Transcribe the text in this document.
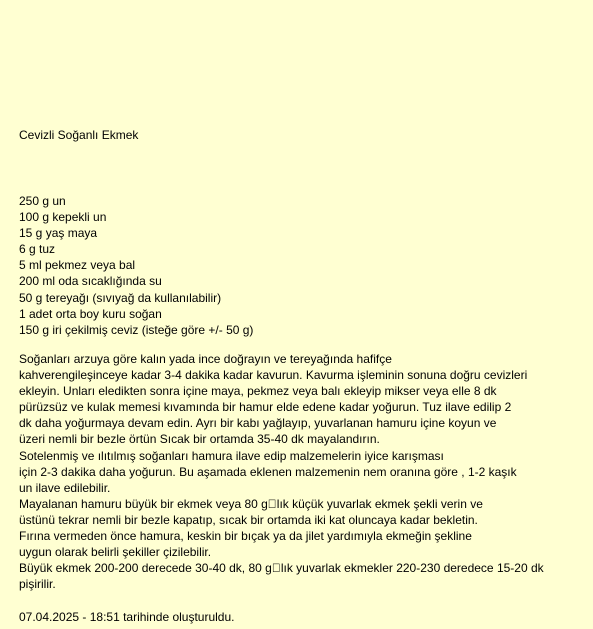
Cevizli Soğanlı Ekmek
250 g un
100 g kepekli un
15 g yaş maya
6 g tuz
5 ml pekmez veya bal
200 ml oda sıcaklığında su
50 g tereyağı (sıvıyağ da kullanılabilir)
1 adet orta boy kuru soğan
150 g iri çekilmiş ceviz (isteğe göre +/- 50 g)
Soğanları arzuya göre kalın yada ince doğrayın ve tereyağında hafifçe
kahverengileşinceye kadar 3-4 dakika kadar kavurun. Kavurma işleminin sonuna doğru cevizleri
ekleyin. Unları eledikten sonra içine maya, pekmez veya balı ekleyip mikser veya elle 8 dk
pürüzsüz ve kulak memesi kıvamında bir hamur elde edene kadar yoğurun. Tuz ilave edilip 2
dk daha yoğurmaya devam edin. Ayrı bir kabı yağlayıp, yuvarlanan hamuru içine koyun ve
üzeri nemli bir bezle örtün Sıcak bir ortamda 35-40 dk mayalandırın.
Sotelenmiş ve ılıtılmış soğanları hamura ilave edip malzemelerin iyice karışması
için 2-3 dakika daha yoğurun. Bu aşamada eklenen malzemenin nem oranına göre , 1-2 kaşık
un ilave edilebilir.
Mayalanan hamuru büyük bir ekmek veya 80 g lık küçük yuvarlak ekmek şekli verin ve
üstünü tekrar nemli bir bezle kapatıp, sıcak bir ortamda iki kat oluncaya kadar bekletin.
Fırına vermeden önce hamura, keskin bir bıçak ya da jilet yardımıyla ekmeğin şekline
uygun olarak belirli şekiller çizilebilir.
Büyük ekmek 200-200 derecede 30-40 dk, 80 g lık yuvarlak ekmekler 220-230 deredece 15-20 dk
pişirilir.
07.04.2025 - 18:51 tarihinde oluşturuldu.
